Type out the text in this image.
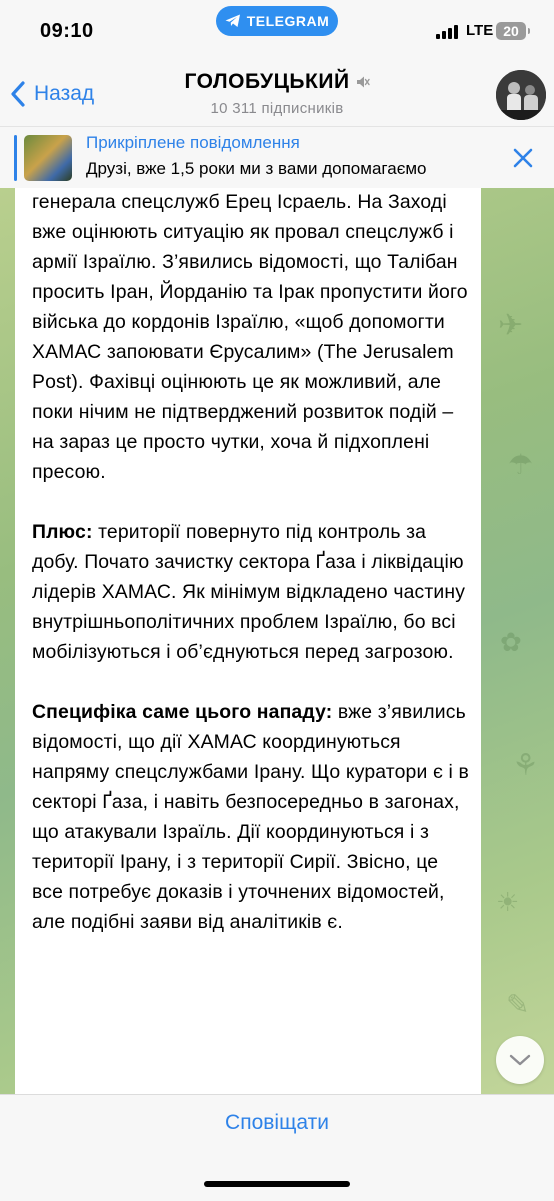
09:10	TELEGRAM
LTE 20
Назад
ГОЛОБУЦЬКИЙ
10 311 підписників
Прикріплене повідомлення
Друзі, вже 1,5 роки ми з вами допомагаємо
✈
☂
✿
⚘
☀
✎

генерала спецслужб Ерец Ісраель. На Заході вже оцінюють ситуацію як провал спецслужб і армії Ізраїлю. З’явились відомості, що Талібан просить Іран, Йорданію та Ірак пропустити його війська до кордонів Ізраїлю, «щоб допомогти ХАМАС запоювати Єрусалим» (The Jerusalem Post). Фахівці оцінюють це як можливий, але поки нічим не підтверджений розвиток подій – на зараз це просто чутки, хоча й підхоплені пресою.

Плюс: території повернуто під контроль за добу. Почато зачистку сектора Ґаза і ліквідацію лідерів ХАМАС. Як мінімум відкладено частину внутрішньополітичних проблем Ізраїлю, бо всі мобілізуються і об’єднуються перед загрозою.

Специфіка саме цього нападу: вже з’явились відомості, що дії ХАМАС координуються напряму спецслужбами Ірану. Що куратори є і в секторі Ґаза, і навіть безпосередньо в загонах, що атакували Ізраїль. Дії координуються і з території Ірану, і з території Сирії. Звісно, це все потребує доказів і уточнених відомостей, але подібні заяви від аналітиків є.

Сповіщати
